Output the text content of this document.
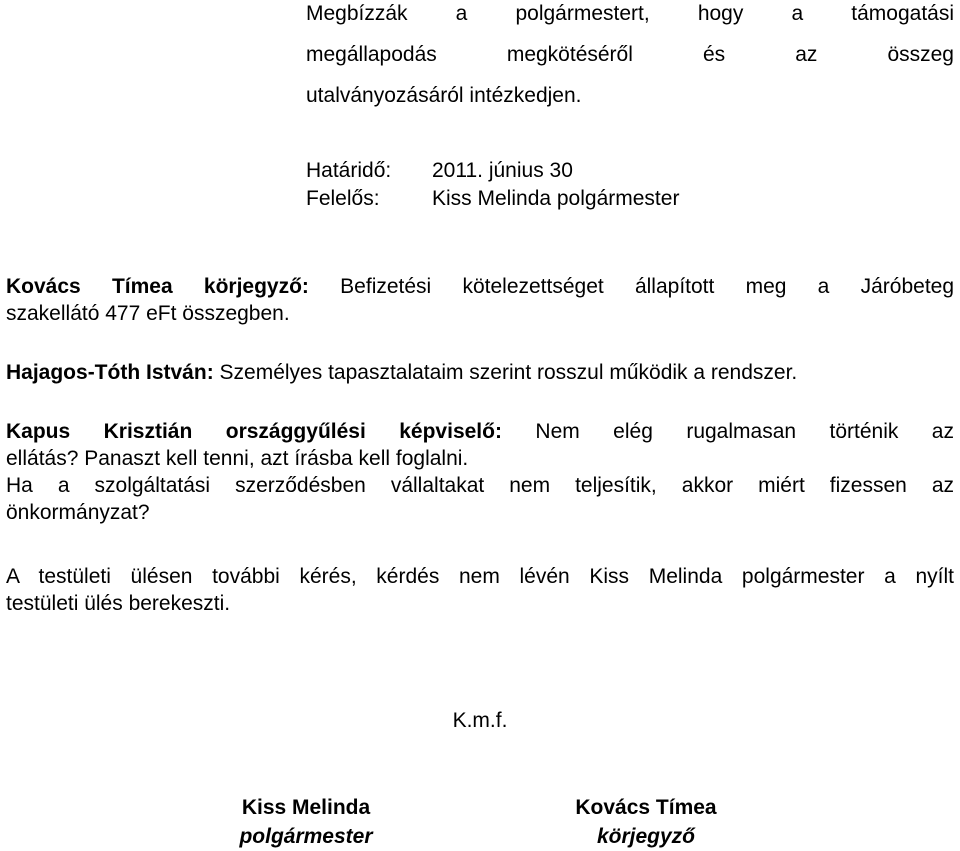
Megbízzák a polgármestert, hogy a támogatási
megállapodás megkötéséről és az összeg
utalványozásáról intézkedjen.
Határidő: 2011. június 30
Felelős: Kiss Melinda polgármester
Kovács Tímea körjegyző: Befizetési kötelezettséget állapított meg a Járóbeteg
szakellátó 477 eFt összegben.
Hajagos-Tóth István: Személyes tapasztalataim szerint rosszul működik a rendszer.
Kapus Krisztián országgyűlési képviselő: Nem elég rugalmasan történik az
ellátás? Panaszt kell tenni, azt írásba kell foglalni.
Ha a szolgáltatási szerződésben vállaltakat nem teljesítik, akkor miért fizessen az
önkormányzat?
A testületi ülésen további kérés, kérdés nem lévén Kiss Melinda polgármester a nyílt
testületi ülés berekeszti.
K.m.f.
Kiss Melinda
polgármester
Kovács Tímea
körjegyző
